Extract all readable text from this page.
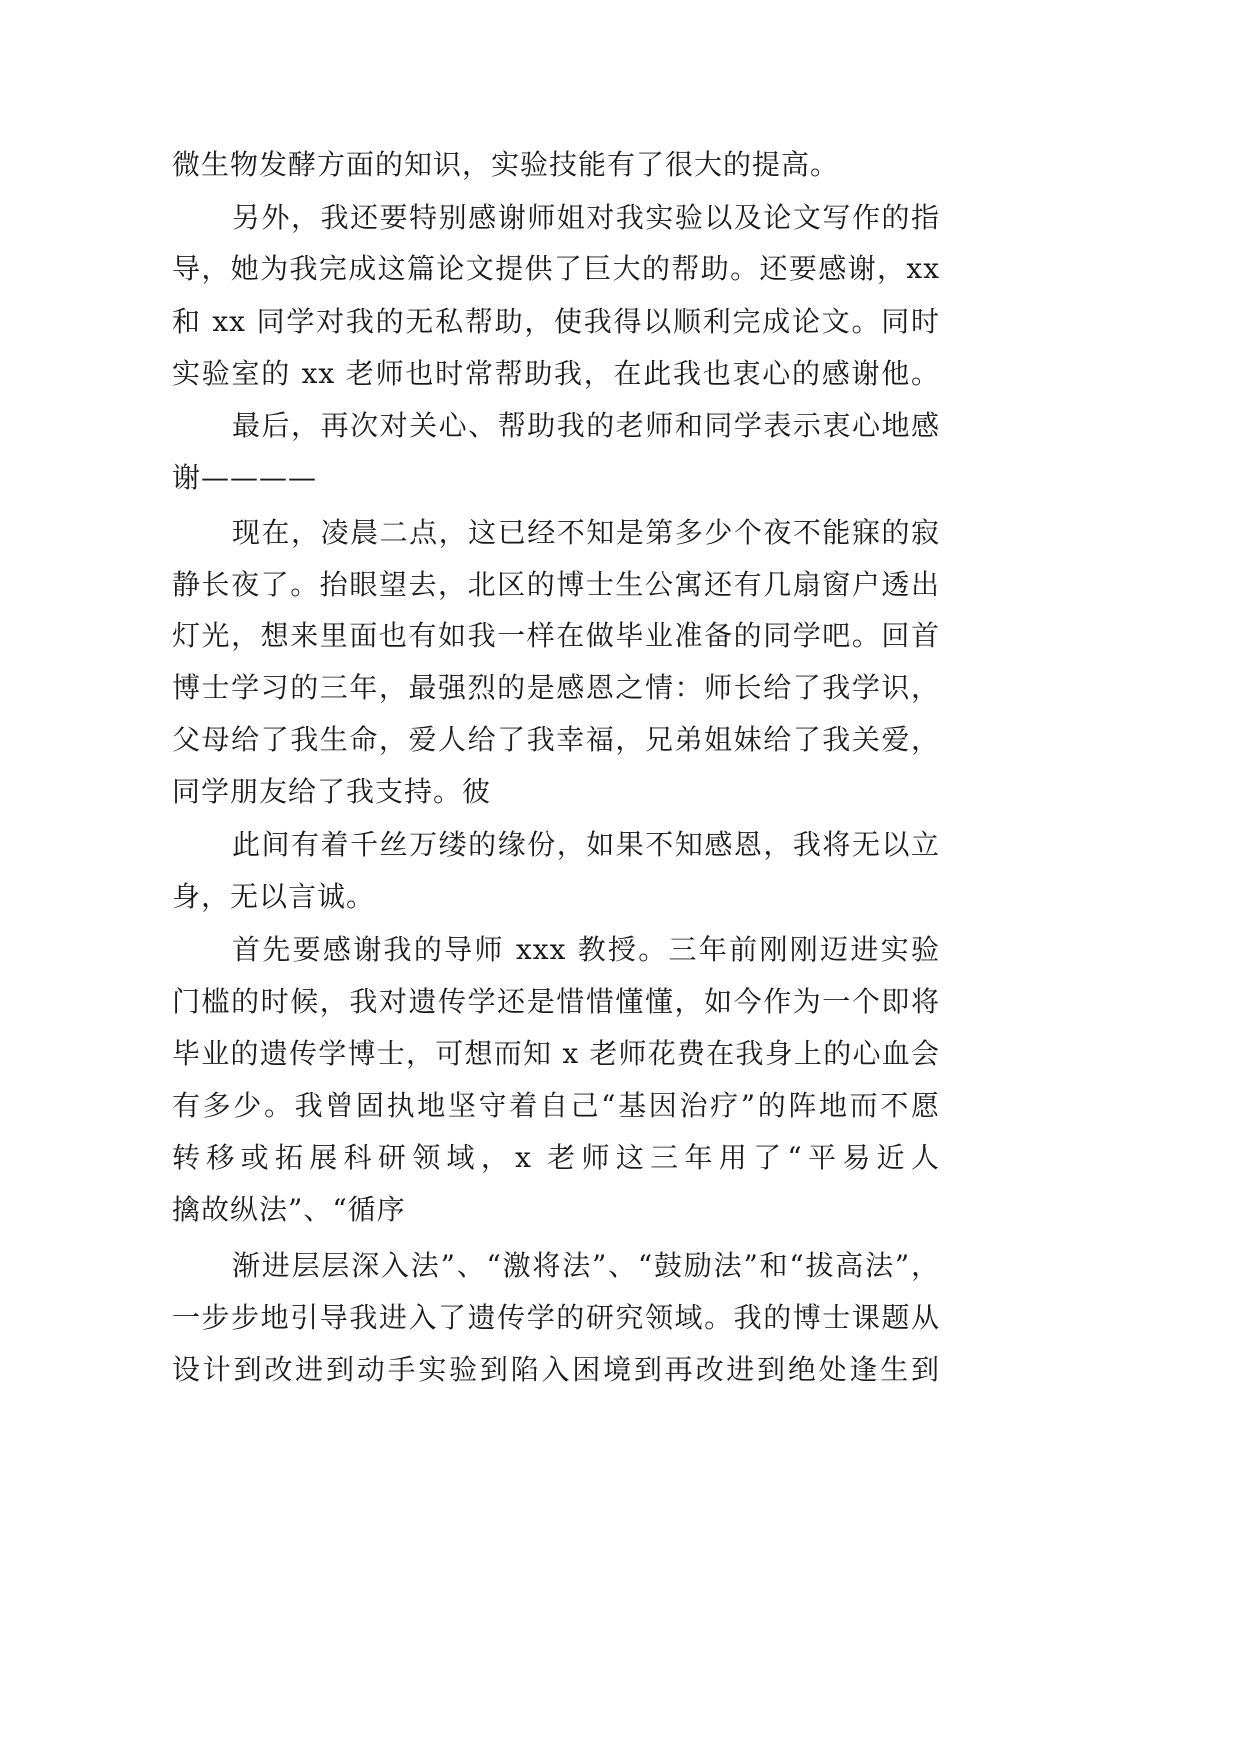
微生物发酵方面的知识，实验技能有了很大的提高。
另外，我还要特别感谢师姐对我实验以及论文写作的指
导，她为我完成这篇论文提供了巨大的帮助。还要感谢，xx
和 xx 同学对我的无私帮助，使我得以顺利完成论文。同时
实验室的 xx 老师也时常帮助我，在此我也衷心的感谢他。
最后，再次对关心、帮助我的老师和同学表示衷心地感
谢————
现在，凌晨二点，这已经不知是第多少个夜不能寐的寂
静长夜了。抬眼望去，北区的博士生公寓还有几扇窗户透出
灯光，想来里面也有如我一样在做毕业准备的同学吧。回首
博士学习的三年，最强烈的是感恩之情：师长给了我学识，
父母给了我生命，爱人给了我幸福，兄弟姐妹给了我关爱，
同学朋友给了我支持。彼
此间有着千丝万缕的缘份，如果不知感恩，我将无以立
身，无以言诚。
首先要感谢我的导师 xxx 教授。三年前刚刚迈进实验
门槛的时候，我对遗传学还是惜惜懂懂，如今作为一个即将
毕业的遗传学博士，可想而知 x 老师花费在我身上的心血会
有多少。我曾固执地坚守着自己“基因治疗”的阵地而不愿
转移或拓展科研领域，x 老师这三年用了“平易近人
擒故纵法”、“循序
渐进层层深入法”、“激将法”、“鼓励法”和“拔高法”，
一步步地引导我进入了遗传学的研究领域。我的博士课题从
设计到改进到动手实验到陷入困境到再改进到绝处逢生到
